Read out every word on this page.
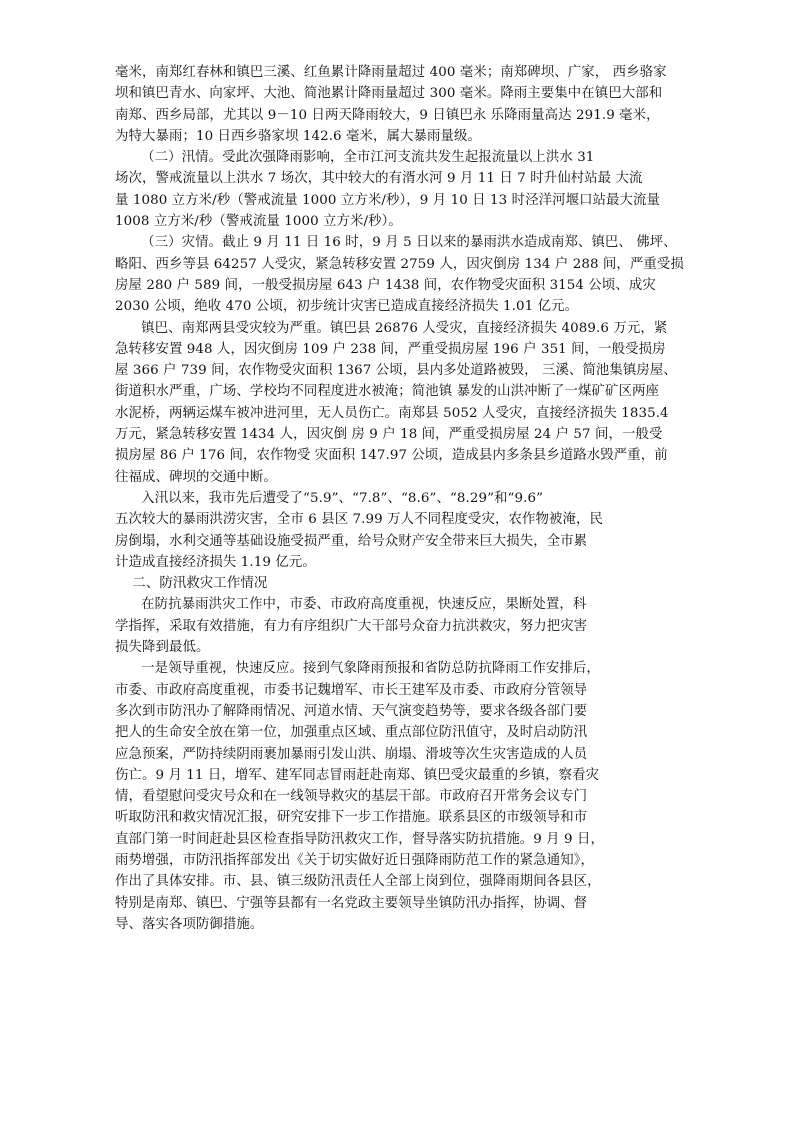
毫米，南郑红春林和镇巴三溪、红鱼累计降雨量超过 400 毫米；南郑碑坝、广家， 西乡骆家
坝和镇巴青水、向家坪、大池、简池累计降雨量超过 300 毫米。降雨主要集中在镇巴大部和
南郑、西乡局部，尤其以 9－10 日两天降雨较大，9 日镇巴永 乐降雨量高达 291.9 毫米，
为特大暴雨；10 日西乡骆家坝 142.6 毫米，属大暴雨量级。
（二）汛情。受此次强降雨影响，全市江河支流共发生起报流量以上洪水 31
场次，警戒流量以上洪水 7 场次，其中较大的有湑水河 9 月 11 日 7 时升仙村站最 大流
量 1080 立方米/秒（警戒流量 1000 立方米/秒），9 月 10 日 13 时泾洋河堰口站最大流量
1008 立方米/秒（警戒流量 1000 立方米/秒）。
（三）灾情。截止 9 月 11 日 16 时，9 月 5 日以来的暴雨洪水造成南郑、镇巴、 佛坪、
略阳、西乡等县 64257 人受灾，紧急转移安置 2759 人，因灾倒房 134 户 288 间，严重受损
房屋 280 户 589 间，一般受损房屋 643 户 1438 间，农作物受灾面积 3154 公顷、成灾
2030 公顷，绝收 470 公顷，初步统计灾害已造成直接经济损失 1.01 亿元。
镇巴、南郑两县受灾较为严重。镇巴县 26876 人受灾，直接经济损失 4089.6 万元，紧
急转移安置 948 人，因灾倒房 109 户 238 间，严重受损房屋 196 户 351 间，一般受损房
屋 366 户 739 间，农作物受灾面积 1367 公顷，县内多处道路被毁， 三溪、简池集镇房屋、
街道积水严重，广场、学校均不同程度进水被淹；简池镇 暴发的山洪冲断了一煤矿矿区两座
水泥桥，两辆运煤车被冲进河里，无人员伤亡。南郑县 5052 人受灾，直接经济损失 1835.4
万元，紧急转移安置 1434 人，因灾倒 房 9 户 18 间，严重受损房屋 24 户 57 间，一般受
损房屋 86 户 176 间，农作物受 灾面积 147.97 公顷，造成县内多条县乡道路水毁严重，前
往福成、碑坝的交通中断。
入汛以来，我市先后遭受了“5.9”、“7.8”、“8.6”、“8.29”和“9.6”
五次较大的暴雨洪涝灾害，全市 6 县区 7.99 万人不同程度受灾，农作物被淹，民
房倒塌，水利交通等基础设施受损严重，给号众财产安全带来巨大损失，全市累
计造成直接经济损失 1.19 亿元。
二、防汛救灾工作情况
在防抗暴雨洪灾工作中，市委、市政府高度重视，快速反应，果断处置，科
学指挥，采取有效措施，有力有序组织广大干部号众奋力抗洪救灾，努力把灾害
损失降到最低。
一是领导重视，快速反应。接到气象降雨预报和省防总防抗降雨工作安排后，
市委、市政府高度重视，市委书记魏增军、市长王建军及市委、市政府分管领导
多次到市防汛办了解降雨情况、河道水情、天气演变趋势等，要求各级各部门要
把人的生命安全放在第一位，加强重点区域、重点部位防汛值守，及时启动防汛
应急预案，严防持续阴雨裹加暴雨引发山洪、崩塌、滑坡等次生灾害造成的人员
伤亡。9 月 11 日，增军、建军同志冒雨赶赴南郑、镇巴受灾最重的乡镇，察看灾
情，看望慰问受灾号众和在一线领导救灾的基层干部。市政府召开常务会议专门
听取防汛和救灾情况汇报，研究安排下一步工作措施。联系县区的市级领导和市
直部门第一时间赶赴县区检查指导防汛救灾工作，督导落实防抗措施。9 月 9 日，
雨势增强，市防汛指挥部发出《关于切实做好近日强降雨防范工作的紧急通知》，
作出了具体安排。市、县、镇三级防汛责任人全部上岗到位，强降雨期间各县区，
特别是南郑、镇巴、宁强等县都有一名党政主要领导坐镇防汛办指挥，协调、督
导、落实各项防御措施。
